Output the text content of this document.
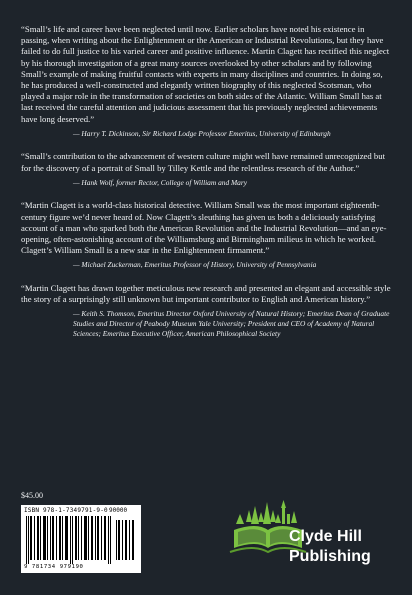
“Small’s life and career have been neglected until now. Earlier scholars have noted his existence in passing, when writing about the Enlightenment or the American or Industrial Revolutions, but they have failed to do full justice to his varied career and positive influence. Martin Clagett has rectified this neglect by his thorough investigation of a great many sources overlooked by other scholars and by following Small’s example of making fruitful contacts with experts in many disciplines and countries. In doing so, he has produced a well-constructed and elegantly written biography of this neglected Scotsman, who played a major role in the transformation of societies on both sides of the Atlantic. William Small has at last received the careful attention and judicious assessment that his previously neglected achievements have long deserved.”

— Harry T. Dickinson, Sir Richard Lodge Professor Emeritus, University of Edinburgh

“Small’s contribution to the advancement of western culture might well have remained unrecognized but for the discovery of a portrait of Small by Tilley Kettle and the relentless research of the Author.”

— Hank Wolf, former Rector, College of William and Mary

“Martin Clagett is a world-class historical detective. William Small was the most important eighteenth-century figure we’d never heard of. Now Clagett’s sleuthing has given us both a deliciously satisfying account of a man who sparked both the American Revolution and the Industrial Revolution—and an eye-opening, often-astonishing account of the Williamsburg and Birmingham milieus in which he worked. Clagett’s William Small is a new star in the Enlightenment firmament.”

— Michael Zuckerman, Emeritus Professor of History, University of Pennsylvania

“Martin Clagett has drawn together meticulous new research and presented an elegant and accessible style the story of a surprisingly still unknown but important contributor to English and American history.”

— Keith S. Thomson, Emeritus Director Oxford University of Natural History; Emeritus Dean of Graduate Studies and Director of Peabody Museum Yale University; President and CEO of Academy of Natural Sciences; Emeritus Executive Officer, American Philosophical Society

$45.00
ISBN 978-1-7349791-9-0 90000
9 781734 979190
Clyde Hill
Publishing
